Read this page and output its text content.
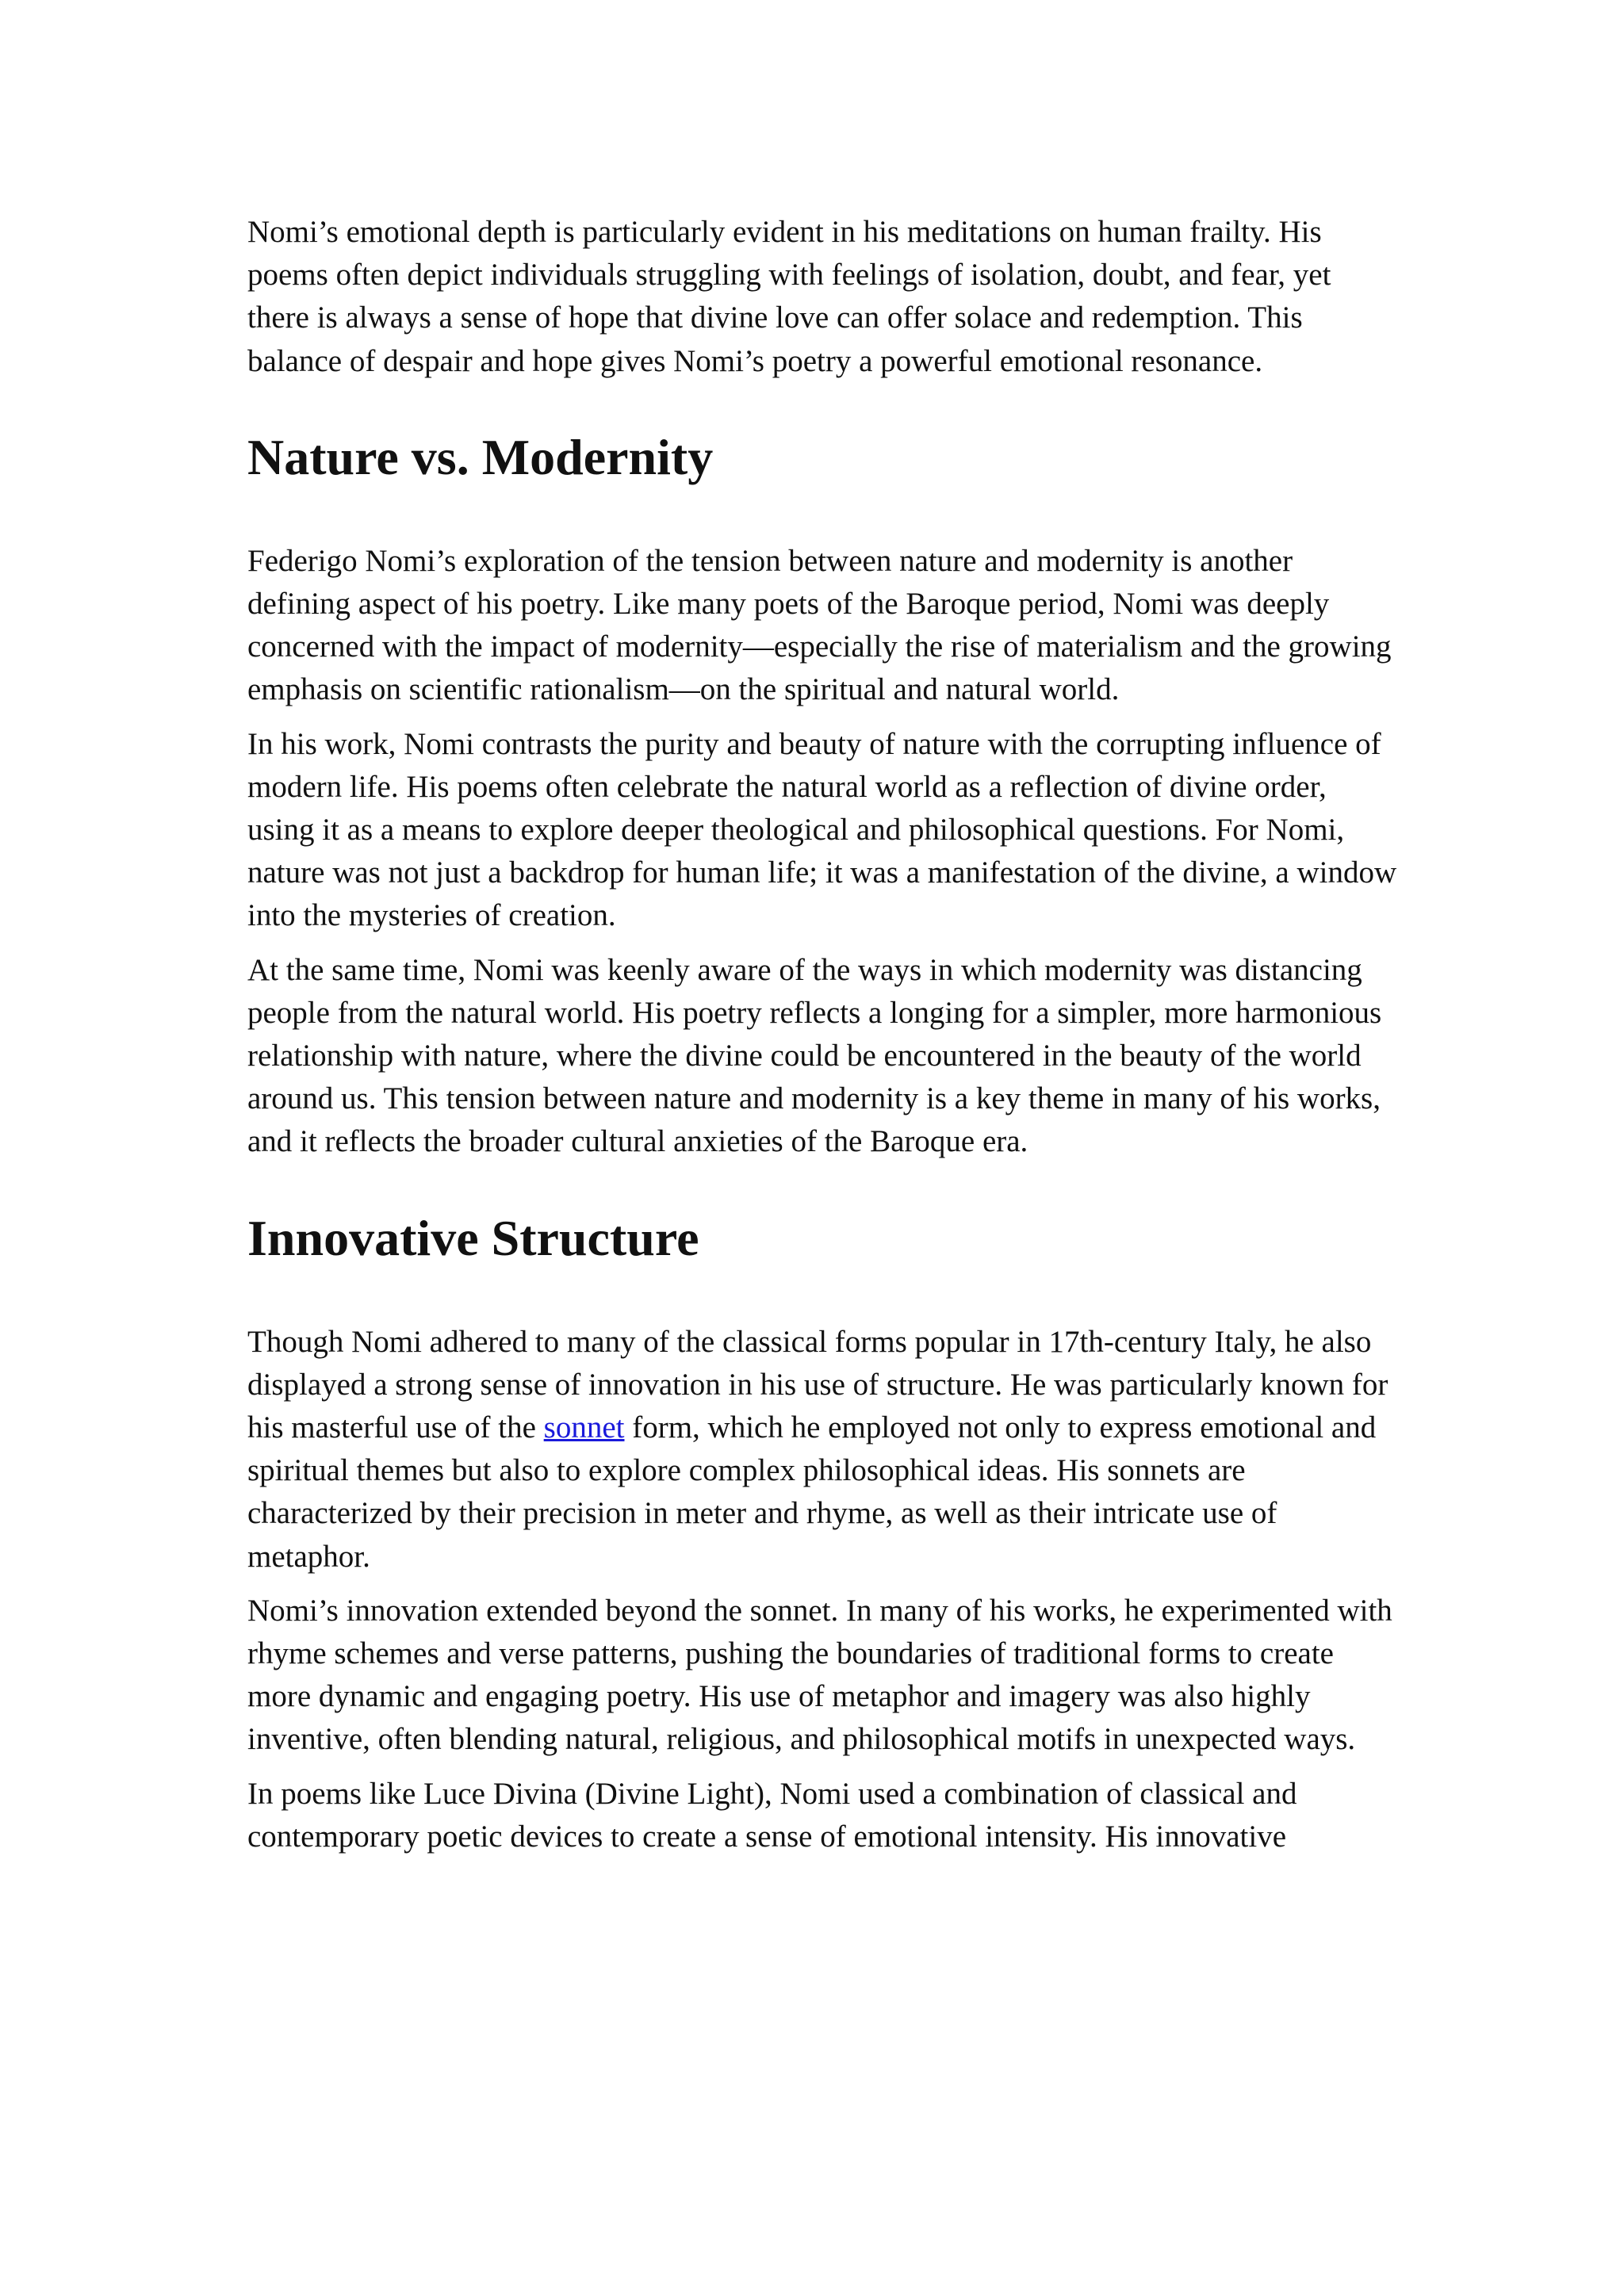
Nomi’s emotional depth is particularly evident in his meditations on human frailty. His poems often depict individuals struggling with feelings of isolation, doubt, and fear, yet there is always a sense of hope that divine love can offer solace and redemption. This balance of despair and hope gives Nomi’s poetry a powerful emotional resonance.

Nature vs. Modernity

Federigo Nomi’s exploration of the tension between nature and modernity is another defining aspect of his poetry. Like many poets of the Baroque period, Nomi was deeply concerned with the impact of modernity—especially the rise of materialism and the growing emphasis on scientific rationalism—on the spiritual and natural world.

In his work, Nomi contrasts the purity and beauty of nature with the corrupting influence of modern life. His poems often celebrate the natural world as a reflection of divine order, using it as a means to explore deeper theological and philosophical questions. For Nomi, nature was not just a backdrop for human life; it was a manifestation of the divine, a window into the mysteries of creation.

At the same time, Nomi was keenly aware of the ways in which modernity was distancing people from the natural world. His poetry reflects a longing for a simpler, more harmonious relationship with nature, where the divine could be encountered in the beauty of the world around us. This tension between nature and modernity is a key theme in many of his works, and it reflects the broader cultural anxieties of the Baroque era.

Innovative Structure

Though Nomi adhered to many of the classical forms popular in 17th-century Italy, he also displayed a strong sense of innovation in his use of structure. He was particularly known for his masterful use of the sonnet form, which he employed not only to express emotional and spiritual themes but also to explore complex philosophical ideas. His sonnets are characterized by their precision in meter and rhyme, as well as their intricate use of metaphor.

Nomi’s innovation extended beyond the sonnet. In many of his works, he experimented with rhyme schemes and verse patterns, pushing the boundaries of traditional forms to create more dynamic and engaging poetry. His use of metaphor and imagery was also highly inventive, often blending natural, religious, and philosophical motifs in unexpected ways.

In poems like Luce Divina (Divine Light), Nomi used a combination of classical and contemporary poetic devices to create a sense of emotional intensity. His innovative
